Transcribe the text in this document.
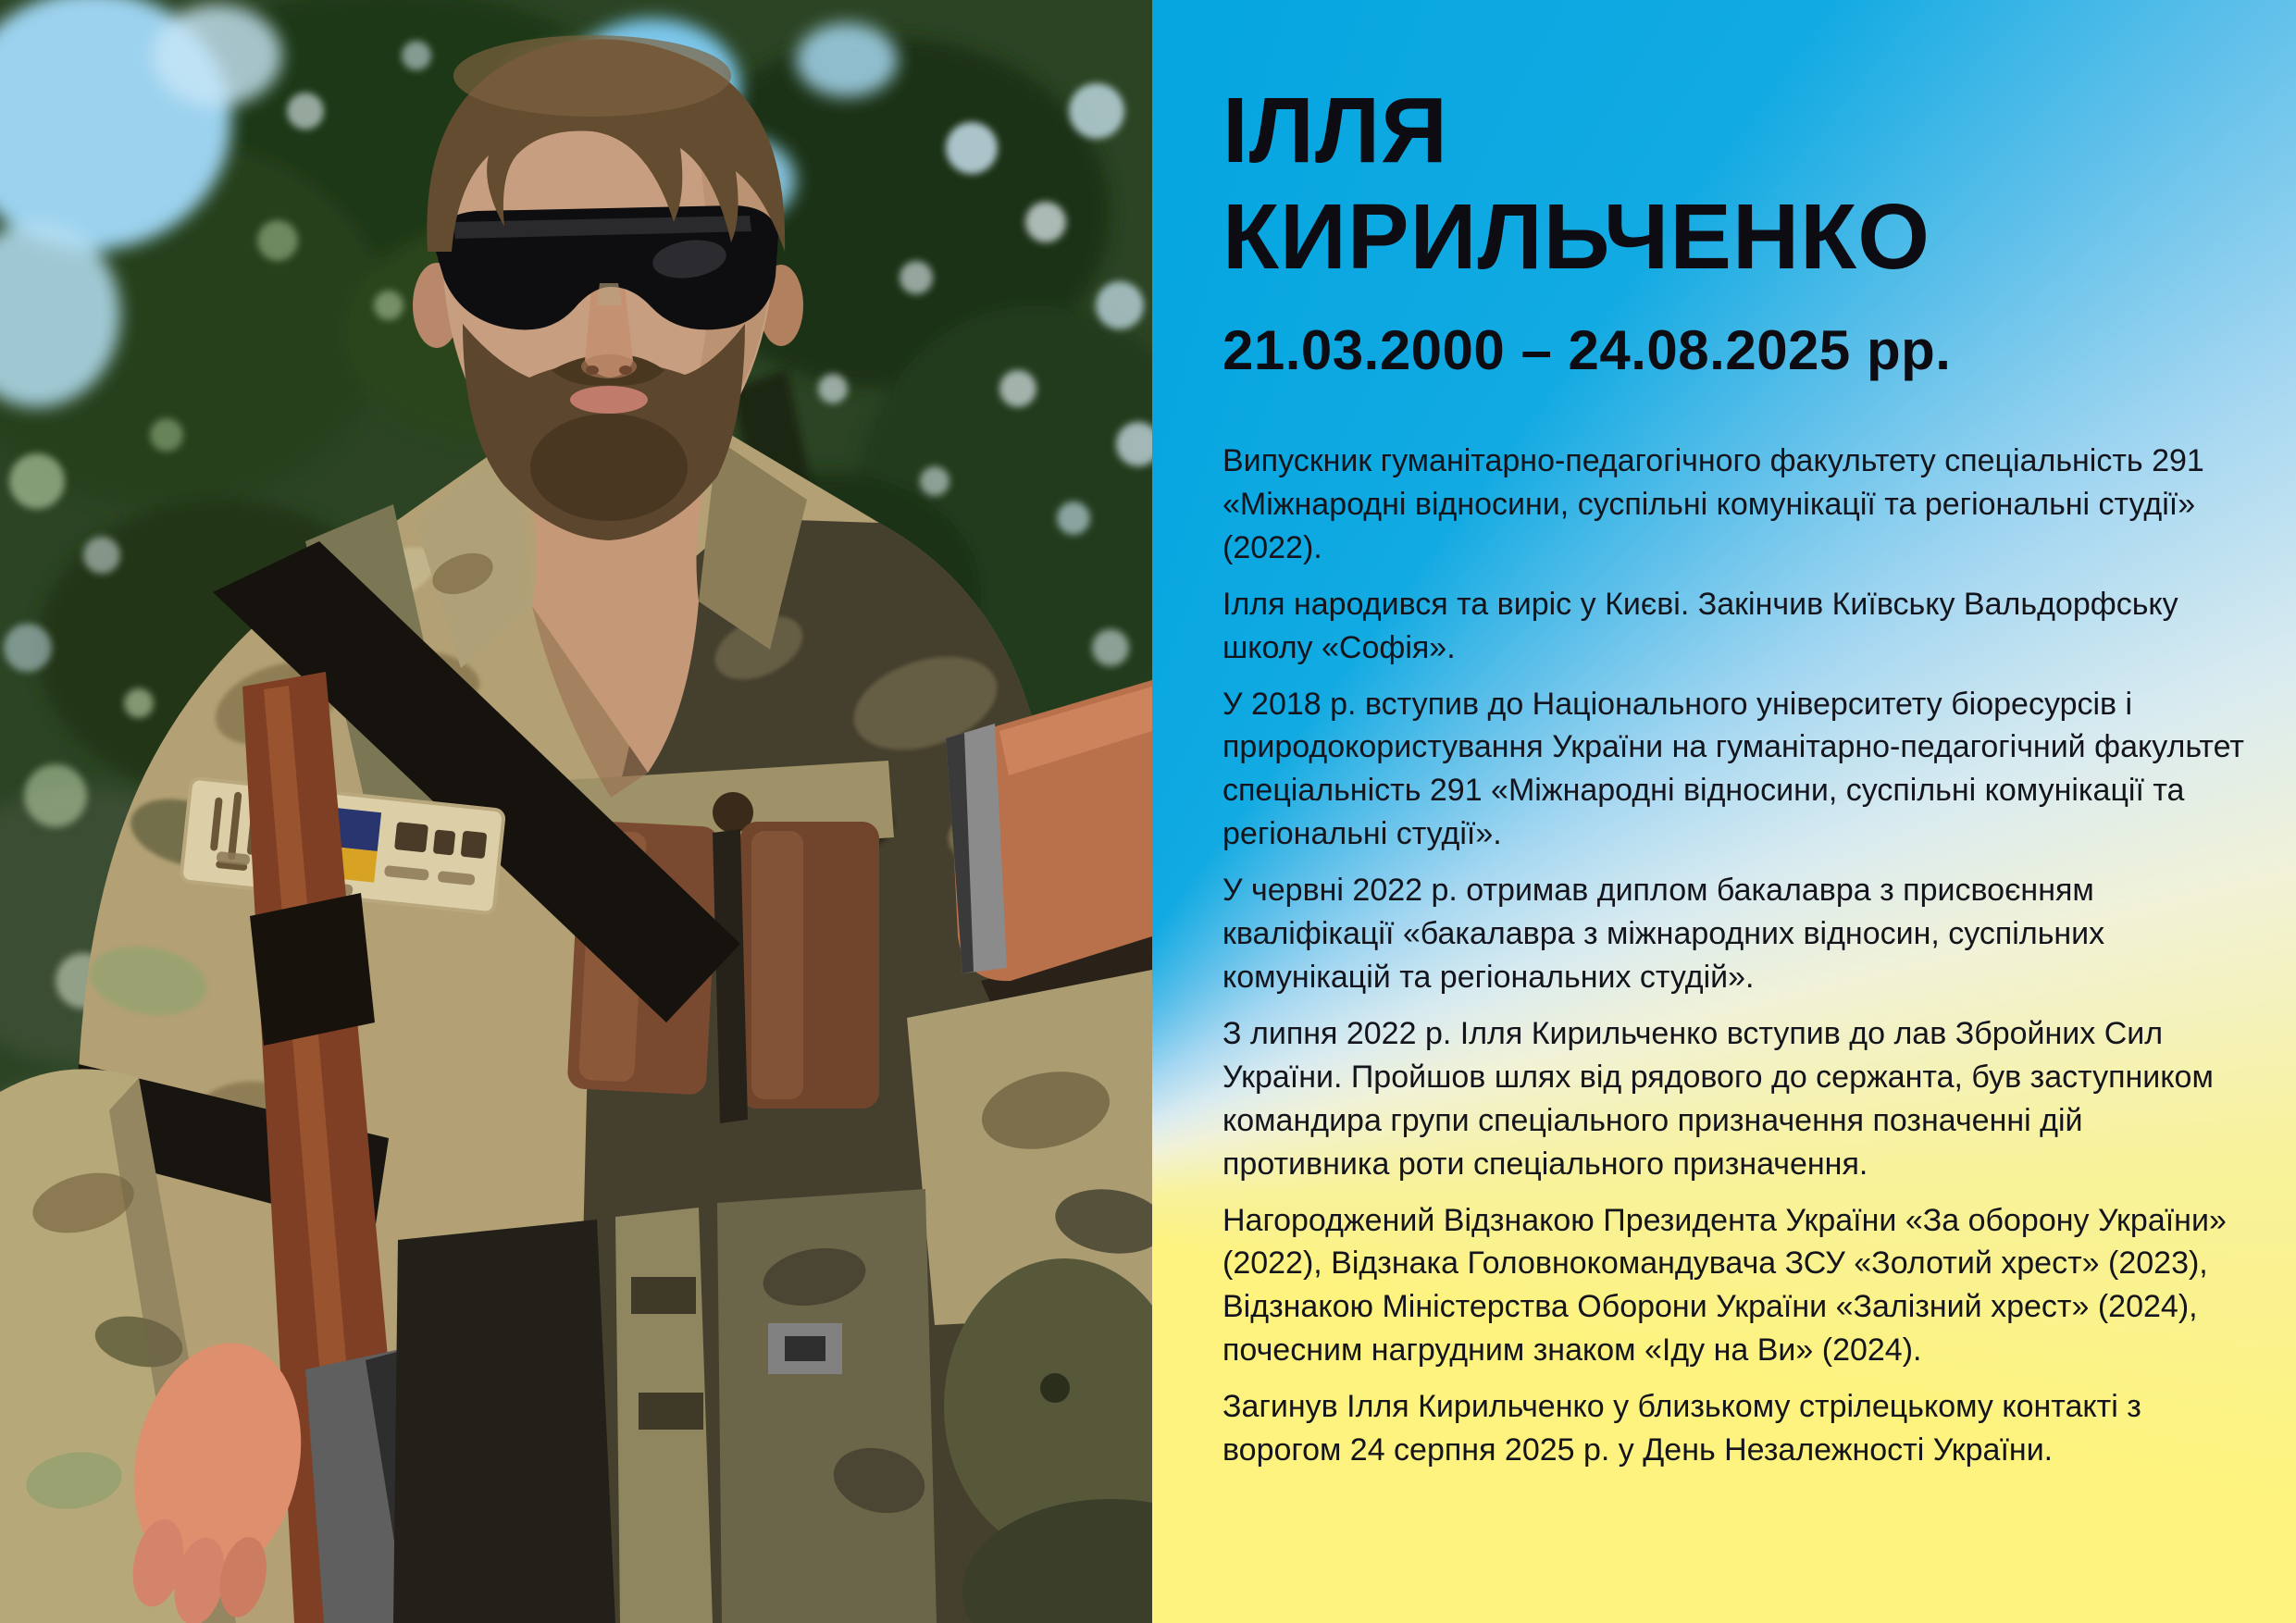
ІЛЛЯ
КИРИЛЬЧЕНКО
21.03.2000 – 24.08.2025 рр.

Випускник гуманітарно-педагогічного факультету спеціальність 291 «Міжнародні відносини, суспільні комунікації та регіональні студії» (2022).

Ілля народився та виріс у Києві. Закінчив Київську Вальдорфську школу «Софія».

У 2018 р. вступив до Національного університету біоресурсів і природокористування України на гуманітарно-педагогічний факультет спеціальність 291 «Міжнародні відносини, суспільні комунікації та регіональні студії».

У червні 2022 р. отримав диплом бакалавра з присвоєнням кваліфікації «бакалавра з міжнародних відносин, суспільних комунікацій та регіональних студій».

З липня 2022 р. Ілля Кирильченко вступив до лав Збройних Сил України. Пройшов шлях від рядового до сержанта, був заступником командира групи спеціального призначення позначенні дій противника роти спеціального призначення.

Нагороджений Відзнакою Президента України «За оборону України» (2022), Відзнака Головнокомандувача ЗСУ «Золотий хрест» (2023), Відзнакою Міністерства Оборони України «Залізний хрест» (2024), почесним нагрудним знаком «Іду на Ви» (2024).

Загинув Ілля Кирильченко у близькому стрілецькому контакті з ворогом 24 серпня 2025 р. у День Незалежності України.
